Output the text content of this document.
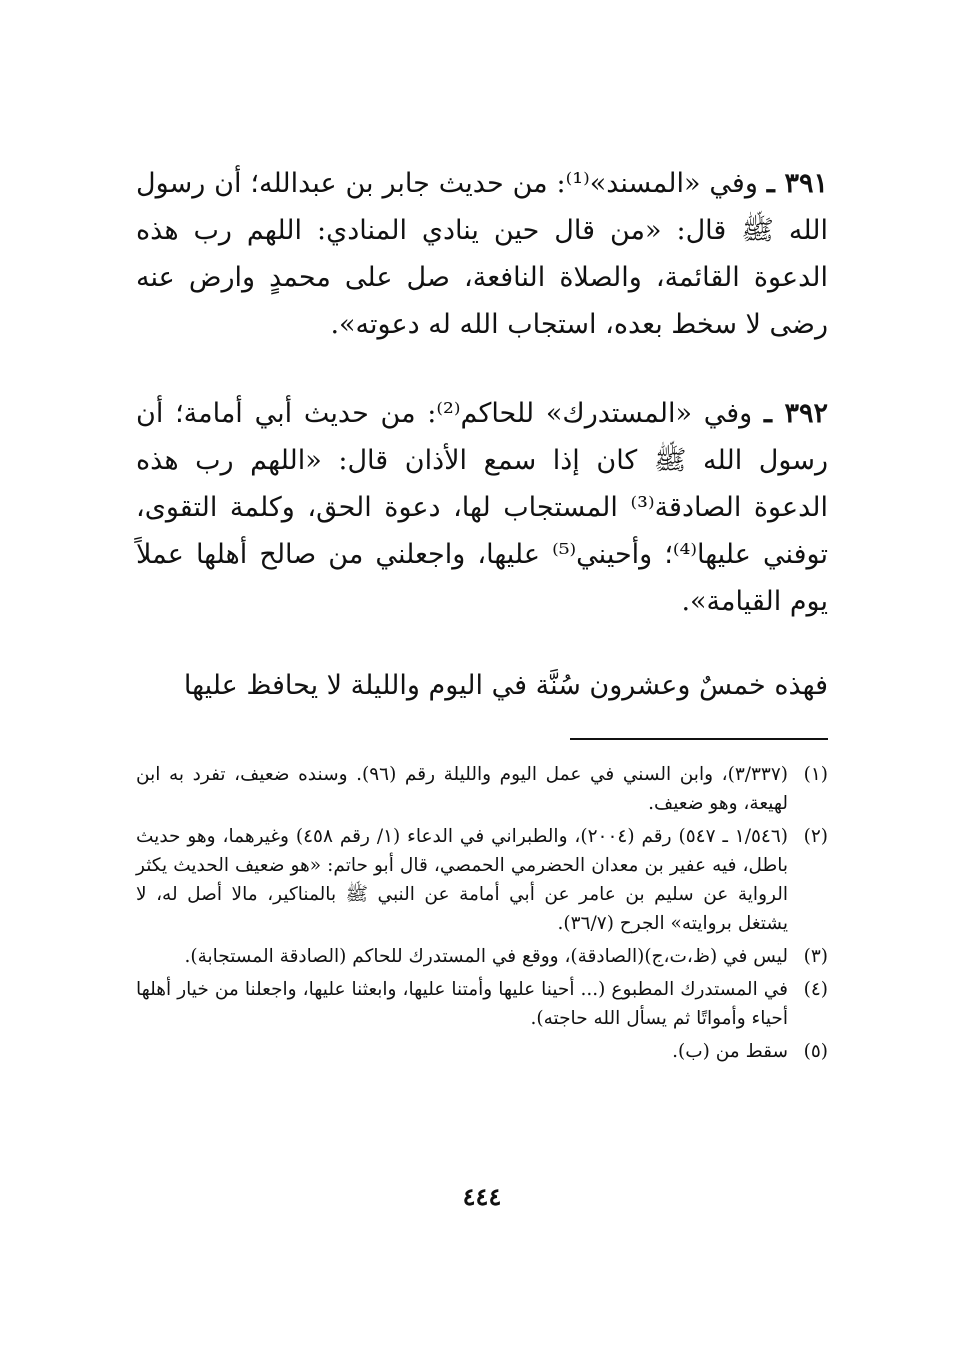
٣٩١ ـ وفي «المسند»⁽¹⁾: من حديث جابر بن عبدالله؛ أن رسول الله ﷺ قال: «من قال حين ينادي المنادي: اللهم رب هذه الدعوة القائمة، والصلاة النافعة، صل على محمدٍ وارض عنه رضى لا سخط بعده، استجاب الله له دعوته».

٣٩٢ ـ وفي «المستدرك» للحاكم⁽²⁾: من حديث أبي أمامة؛ أن رسول الله ﷺ كان إذا سمع الأذان قال: «اللهم رب هذه الدعوة الصادقة⁽³⁾ المستجاب لها، دعوة الحق، وكلمة التقوى، توفني عليها⁽⁴⁾؛ وأحيني⁽⁵⁾ عليها، واجعلني من صالح أهلها عملاً يوم القيامة».

فهذه خمسٌ وعشرون سُنَّة في اليوم والليلة لا يحافظ عليها

(١)
(٣/٣٣٧)، وابن السني في عمل اليوم والليلة رقم (٩٦). وسنده ضعيف، تفرد به ابن لهيعة، وهو ضعيف.
(٢)
(١/٥٤٦ ـ ٥٤٧) رقم (٢٠٠٤)، والطبراني في الدعاء (١/ رقم ٤٥٨) وغيرهما، وهو حديث باطل، فيه عفير بن معدان الحضرمي الحمصي، قال أبو حاتم: «هو ضعيف الحديث يكثر الرواية عن سليم بن عامر عن أبي أمامة عن النبي ﷺ بالمناكير، مالا أصل له، لا يشتغل بروايته» الجرح (٣٦/٧).
(٣)
ليس في (ظ،ت،ج)(الصادقة)، ووقع في المستدرك للحاكم (الصادقة المستجابة).
(٤)
في المستدرك المطبوع (... أحينا عليها وأمتنا عليها، وابعثنا عليها، واجعلنا من خيار أهلها أحياء وأمواتًا ثم يسأل الله حاجته).
(٥)
سقط من (ب).
٤٤٤
